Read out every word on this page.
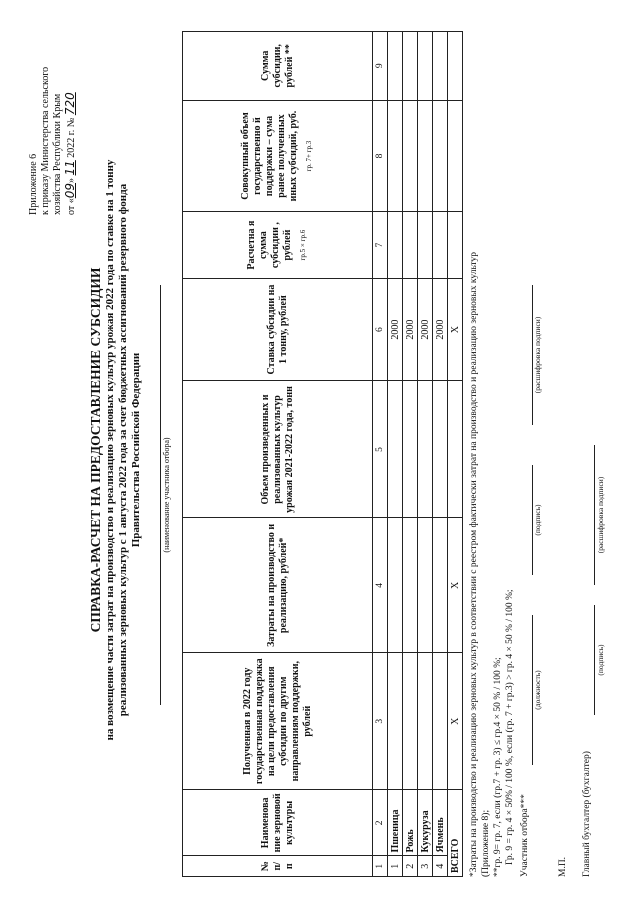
Приложение 6 к приказу Министерства сельского хозяйства Республики Крым от «09» 11 2022 г. № 720
СПРАВКА-РАСЧЕТ НА ПРЕДОСТАВЛЕНИЕ СУБСИДИИ на возмещение части затрат на производство и реализацию зерновых культур урожая 2022 года по ставке на 1 тонну реализованных зерновых культур с 1 августа 2022 года за счет бюджетных ассигнований резервного фонда Правительства Российской Федерации	(наименование участника отбора)
№ п/п	Наименова ние зерновой культуры	Полученная в 2022 году государственная поддержка на цели предоставления субсидии по другим направлениям поддержки, рублей	Затраты на производство и реализацию, рублей*	Объем произведенных и реализованных культур урожая 2021-2022 года, тонн	Ставка субсидии на 1 тонну, рублей	Расчетна я сумма субсидии , рублей гр.5 × гр.6	Совокупный объем государственно й поддержки – сума ранее полученных иных субсидий, руб. гр. 7+ гр.3	Сумма субсидии, рублей **
1	2	3	4	5	6	7	8	9
1	Пшеница				2000			
2	Рожь				2000			
3	Кукуруза				2000			
4	Ячмень				2000			
ВСЕГО		X	X		X			*Затраты на производство и реализацию зерновых культур в соответствии с реестром фактически затрат на производство и реализацию зерновых культур (Приложение 8); **гр. 9= гр. 7, если (гр.7 + гр. 3) ≤ гр.4 × 50 % / 100 %; Гр. 9 = гр. 4 × 50% / 100 %, если (гр. 7 + гр.3) > гр. 4 × 50 % / 100 %; Участник отбора***
(должность)
(подпись)
(расшифровка подписи)
М.П. Главный бухгалтер (бухгалтер)
(подпись)
(расшифровка подписи)
